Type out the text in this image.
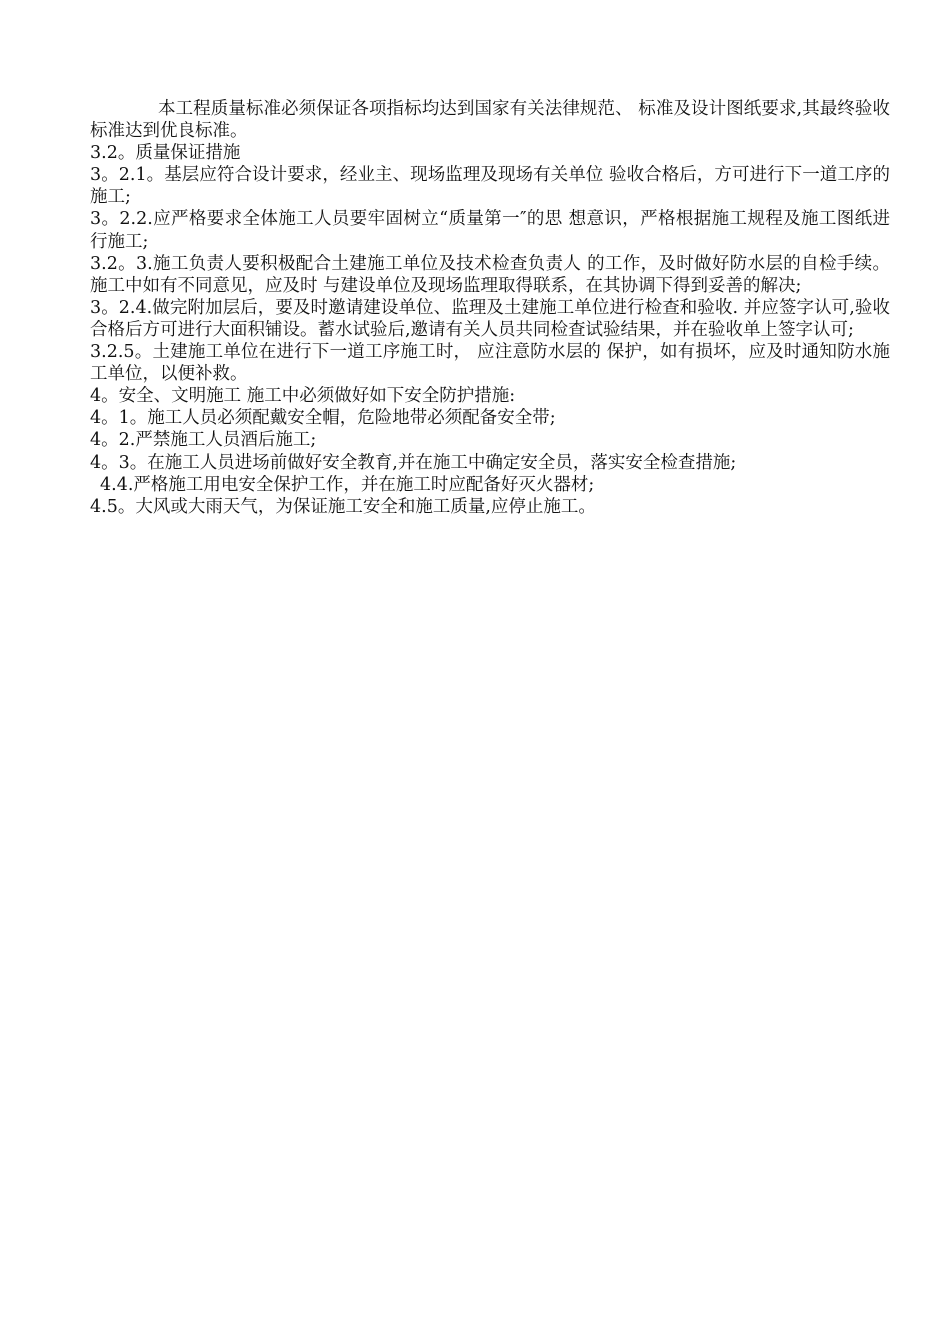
本工程质量标准必须保证各项指标均达到国家有关法律规范、 标准及设计图纸要求,其最终验收标准达到优良标准。

3.2。质量保证措施

3。2.1。基层应符合设计要求，经业主、现场监理及现场有关单位 验收合格后，方可进行下一道工序的施工;

3。2.2.应严格要求全体施工人员要牢固树立“质量第一″的思 想意识，严格根据施工规程及施工图纸进行施工;

3.2。3.施工负责人要积极配合土建施工单位及技术检查负责人 的工作，及时做好防水层的自检手续。施工中如有不同意见，应及时 与建设单位及现场监理取得联系，在其协调下得到妥善的解决;

3。2.4.做完附加层后，要及时邀请建设单位、监理及土建施工单位进行检查和验收. 并应签字认可,验收合格后方可进行大面积铺设。蓄水试验后,邀请有关人员共同检查试验结果，并在验收单上签字认可;

3.2.5。土建施工单位在进行下一道工序施工时， 应注意防水层的 保护，如有损坏，应及时通知防水施工单位，以便补救。

4。安全、文明施工 施工中必须做好如下安全防护措施:

4。1。施工人员必须配戴安全帽，危险地带必须配备安全带;

4。2.严禁施工人员酒后施工;

4。3。在施工人员进场前做好安全教育,并在施工中确定安全员，落实安全检查措施;

4.4.严格施工用电安全保护工作，并在施工时应配备好灭火器材;

4.5。大风或大雨天气，为保证施工安全和施工质量,应停止施工。
